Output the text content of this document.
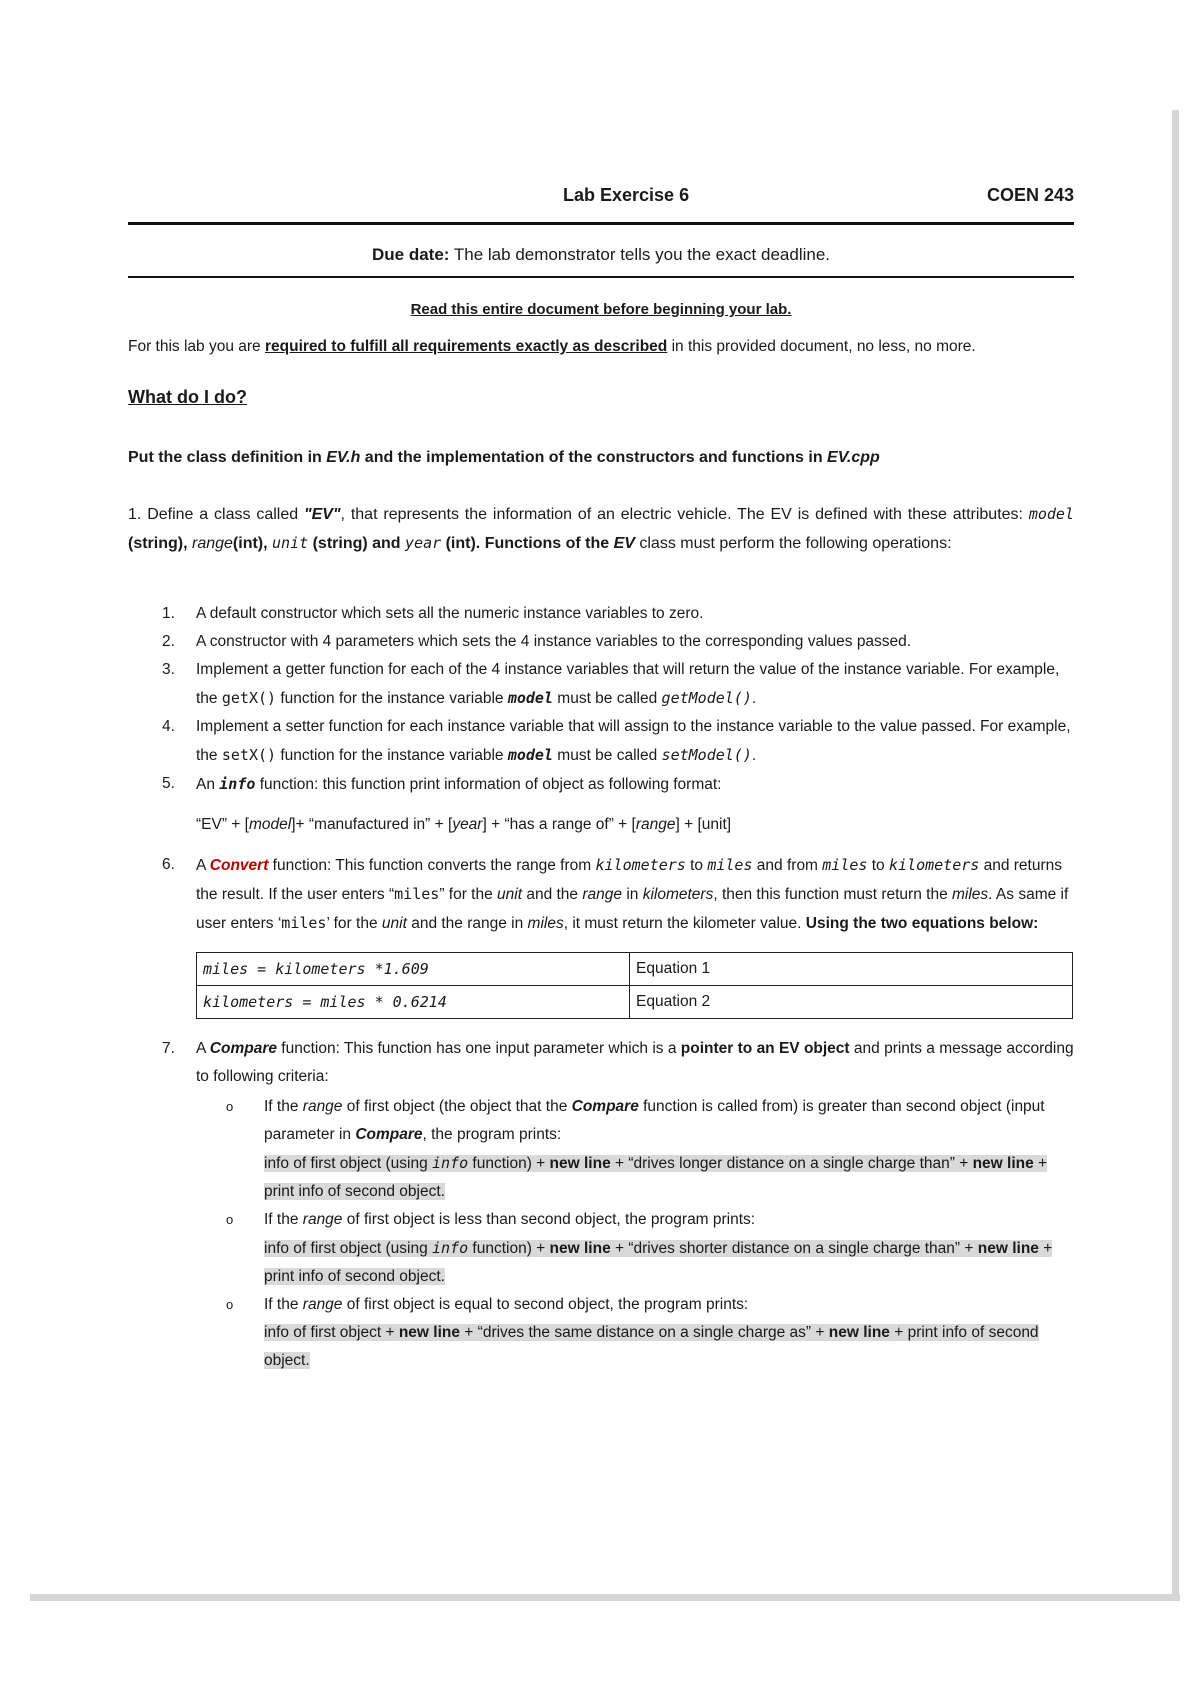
Lab Exercise 6	COEN 243
Due date: The lab demonstrator tells you the exact deadline.
Read this entire document before beginning your lab.
For this lab you are required to fulfill all requirements exactly as described in this provided document, no less, no more.
What do I do?
Put the class definition in EV.h and the implementation of the constructors and functions in EV.cpp
1. Define a class called "EV", that represents the information of an electric vehicle. The EV is defined with these attributes: model (string), range(int), unit (string) and year (int). Functions of the EV class must perform the following operations:
1. A default constructor which sets all the numeric instance variables to zero.
2. A constructor with 4 parameters which sets the 4 instance variables to the corresponding values passed.
3. Implement a getter function for each of the 4 instance variables that will return the value of the instance variable. For example, the getX() function for the instance variable model must be called getModel().
4. Implement a setter function for each instance variable that will assign to the instance variable to the value passed. For example, the setX() function for the instance variable model must be called setModel().
5. An info function: this function print information of object as following format:
“EV” + [model]+ “manufactured in” + [year] + “has a range of” + [range] + [unit]
6. A Convert function: This function converts the range from kilometers to miles and from miles to kilometers and returns the result. If the user enters “miles” for the unit and the range in kilometers, then this function must return the miles. As same if user enters ‘miles’ for the unit and the range in miles, it must return the kilometer value. Using the two equations below:
miles = kilometers *1.609	Equation 1
kilometers = miles * 0.6214	Equation 2
7. A Compare function: This function has one input parameter which is a pointer to an EV object and prints a message according to following criteria:
o If the range of first object (the object that the Compare function is called from) is greater than second object (input parameter in Compare, the program prints:
info of first object (using info function) + new line + “drives longer distance on a single charge than” + new line + print info of second object.
o If the range of first object is less than second object, the program prints:
info of first object (using info function) + new line + “drives shorter distance on a single charge than” + new line + print info of second object.
o If the range of first object is equal to second object, the program prints:
info of first object + new line + “drives the same distance on a single charge as” + new line + print info of second object.
